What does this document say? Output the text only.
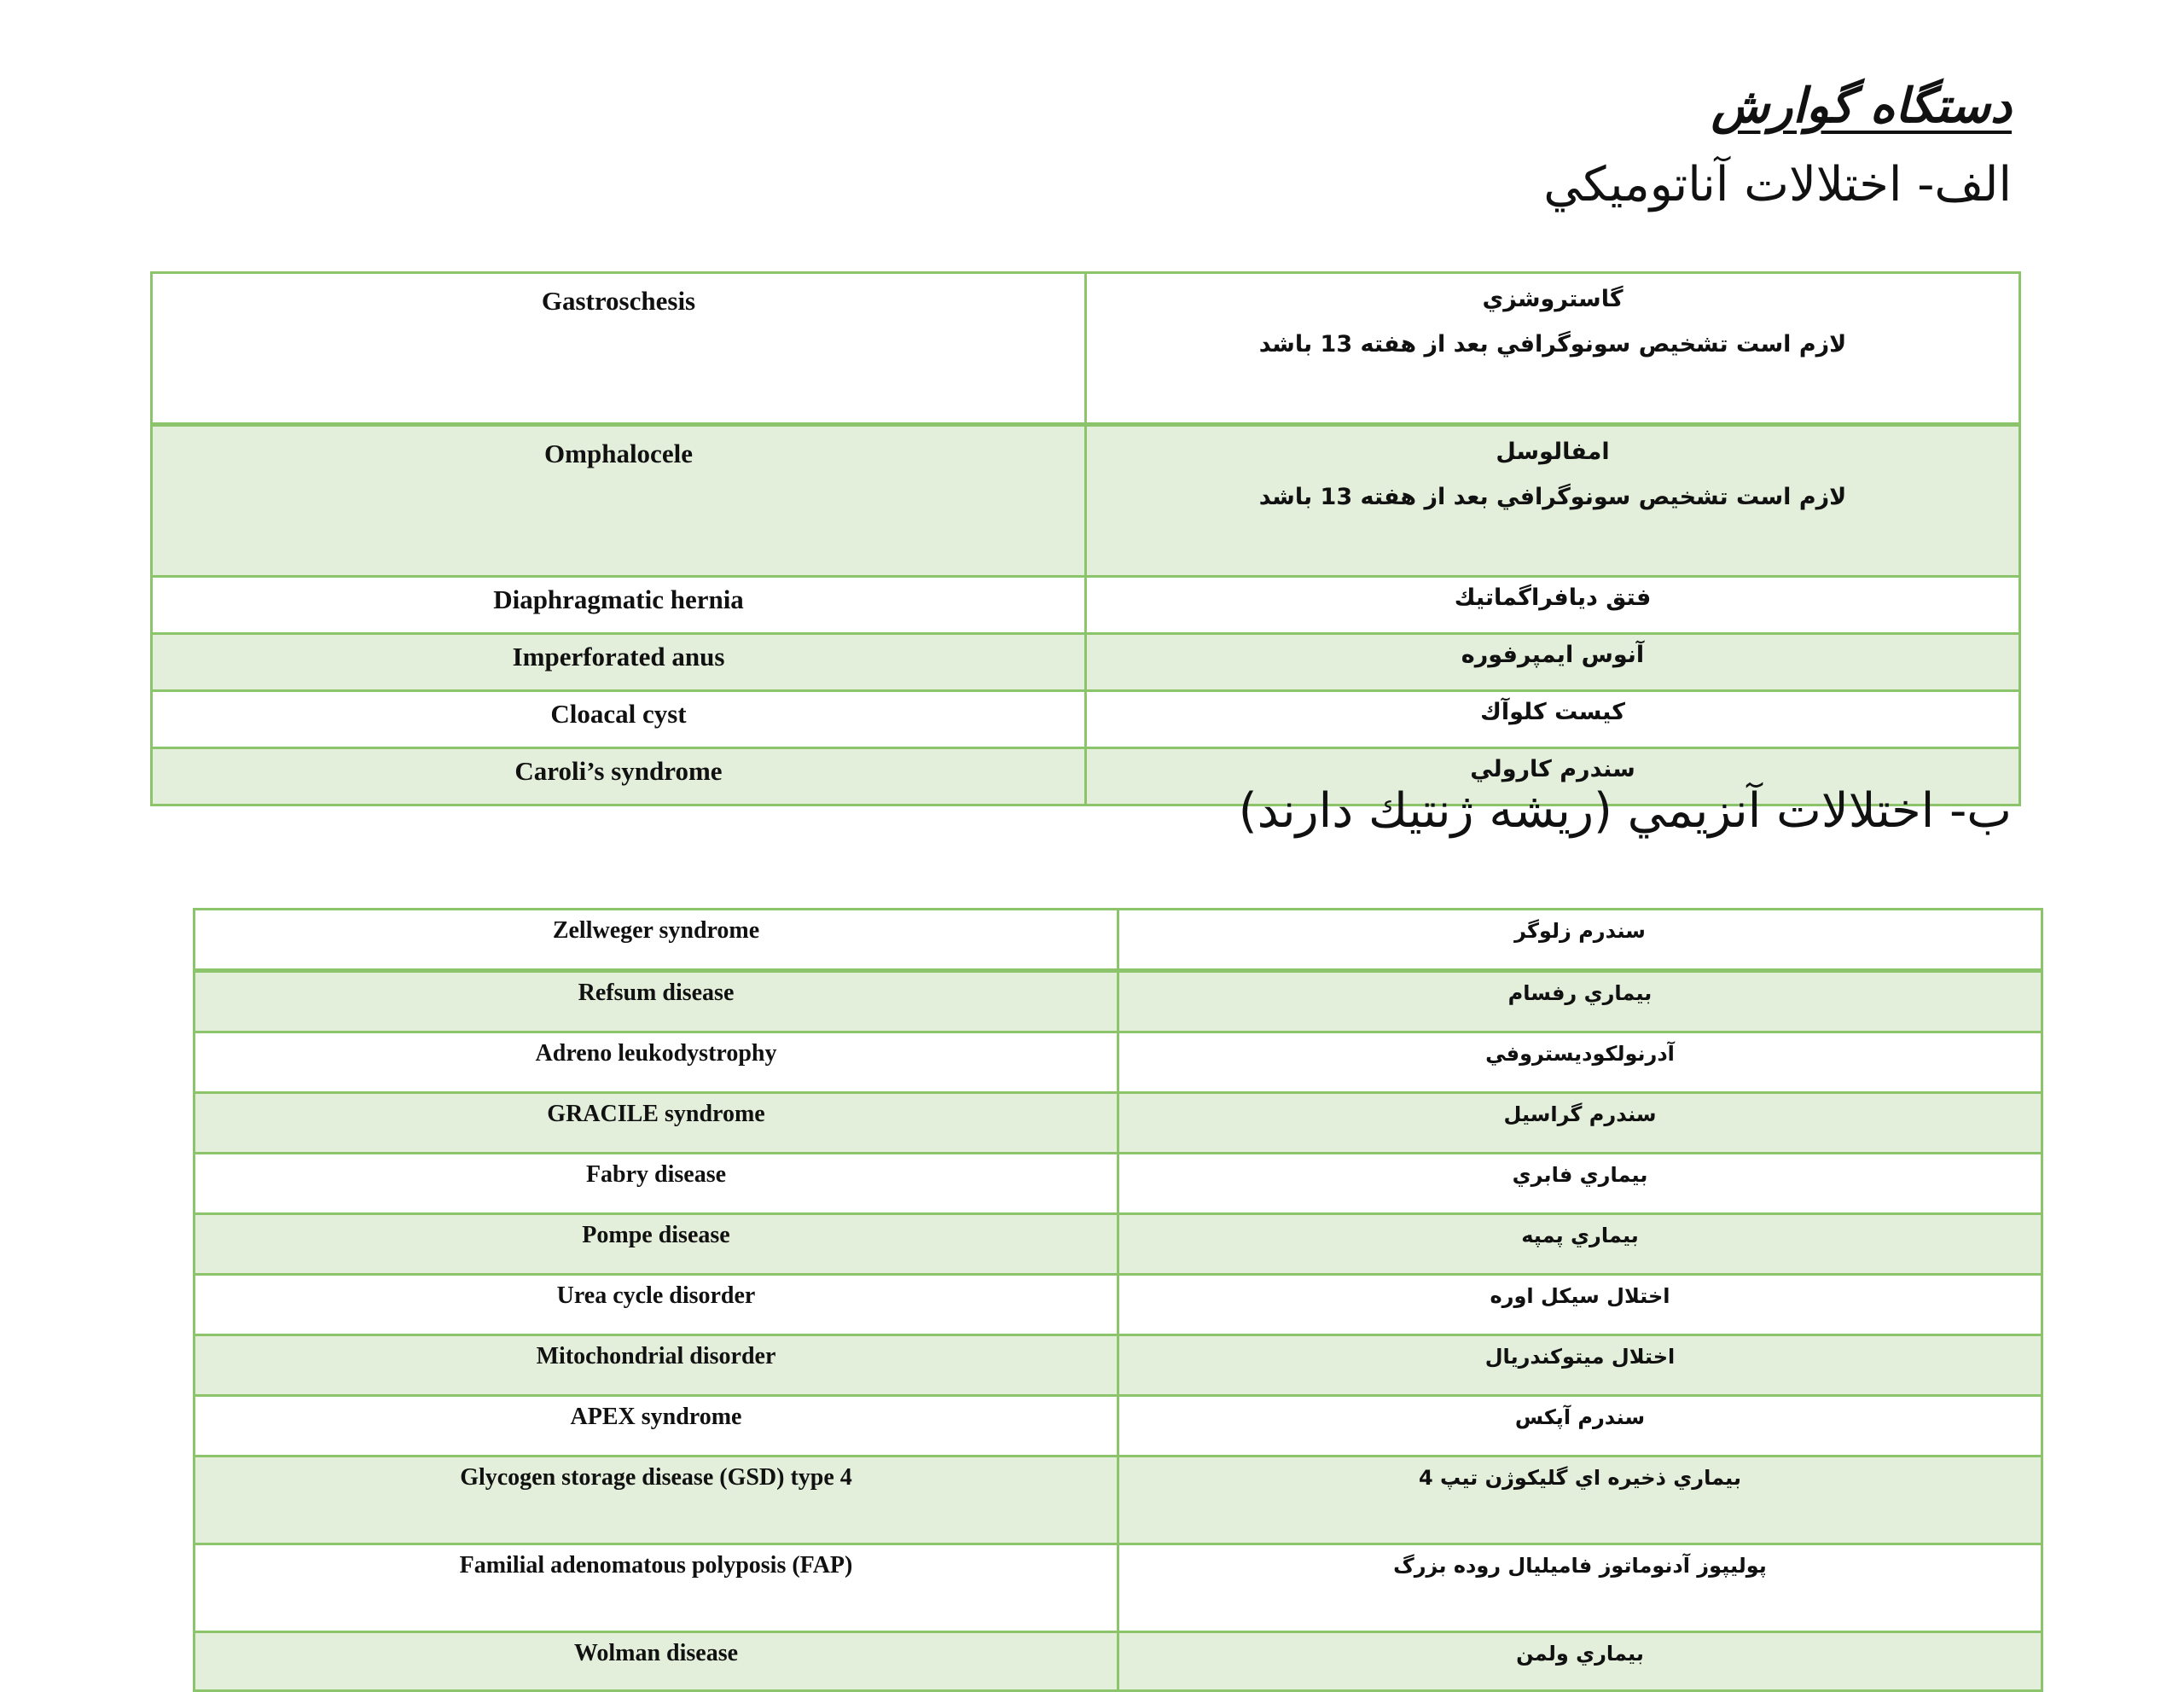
دستگاه گوارش
الف- اختلالات آناتوميكي
Gastroschesis	گاستروشزي
لازم است تشخيص سونوگرافي بعد از هفته 13 باشد

Omphalocele	امفالوسل
لازم است تشخيص سونوگرافي بعد از هفته 13 باشد

Diaphragmatic hernia	فتق ديافراگماتيك
Imperforated anus	آنوس ايمپرفوره
Cloacal cyst	كيست كلوآك
Caroli’s syndrome	سندرم كارولي
ب- اختلالات آنزيمي (ريشه ژنتيك دارند)
Zellweger syndrome	سندرم زلوگر
Refsum disease	بيماري رفسام
Adreno leukodystrophy	آدرنولكوديستروفي
GRACILE syndrome	سندرم گراسيل
Fabry disease	بيماري فابري
Pompe disease	بيماري پمپه
Urea cycle disorder	اختلال سيكل اوره
Mitochondrial disorder	اختلال ميتوكندريال
APEX syndrome	سندرم آپكس
Glycogen storage disease (GSD) type 4	بيماري ذخيره اي گليكوژن تيپ 4
Familial adenomatous polyposis (FAP)	پوليپوز آدنوماتوز فاميليال روده بزرگ
Wolman disease	بيماري ولمن
